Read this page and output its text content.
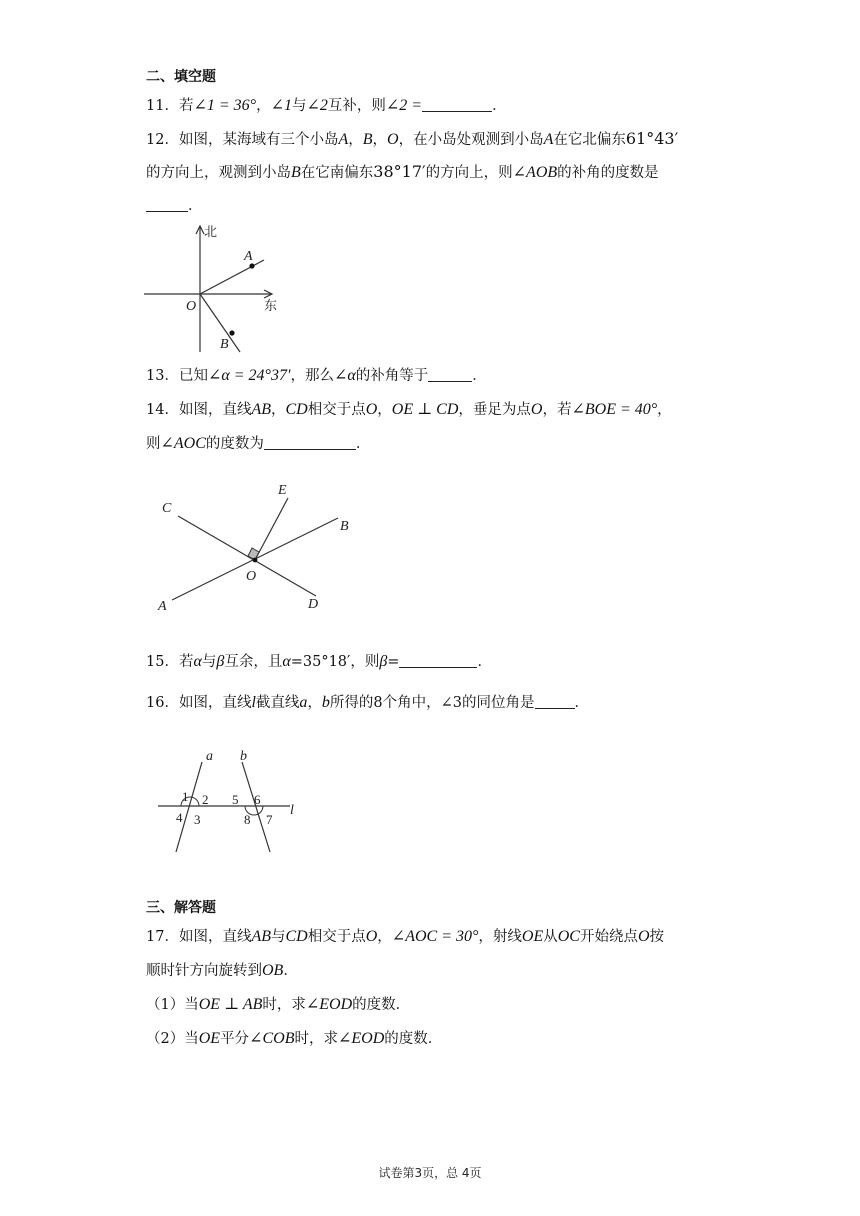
二、填空题
11．若∠1 = 36°，∠1与∠2互补，则∠2 =	．
12．如图，某海域有三个小岛A，B，O，在小岛处观测到小岛A在它北偏东61°43′
的方向上，观测到小岛B在它南偏东38°17′的方向上，则∠AOB的补角的度数是
．
北
东
A
B
O
13．已知∠α = 24°37′，那么∠α的补角等于	．
14．如图，直线AB，CD相交于点O，OE ⊥ CD，垂足为点O，若∠BOE = 40°，
则∠AOC的度数为	．
C
E
B
A	D
O
15．若α与β互余，且α=35°18′，则β=	．
16．如图，直线l截直线a，b所得的8个角中，∠3的同位角是	．
a b
l
1 2
4 3
5 6
8 7
三、解答题
17．如图，直线AB与CD相交于点O，∠AOC = 30°，射线OE从OC开始绕点O按
顺时针方向旋转到OB．
（1）当OE ⊥ AB时，求∠EOD的度数．
（2）当OE平分∠COB时，求∠EOD的度数．
试卷第3页，总 4页
